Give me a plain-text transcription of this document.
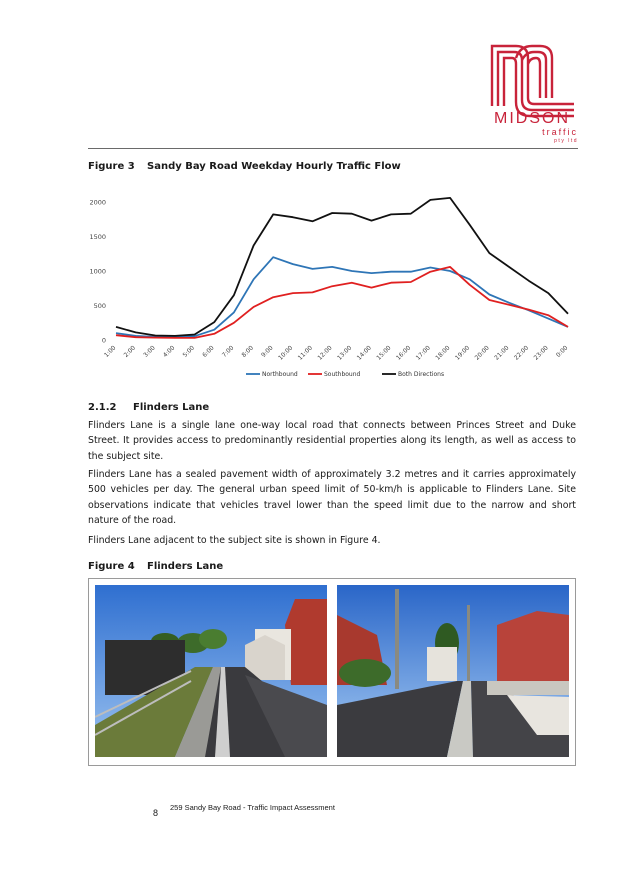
MIDSON
traffic
pty ltd
Figure 3 Sandy Bay Road Weekday Hourly Traffic Flow
0
500
1000
1500
2000
1:00 2:00 3:00 4:00 5:00 6:00 7:00 8:00 9:00 10:00 11:00 12:00 13:00 14:00 15:00 16:00 17:00 18:00 19:00 20:00 21:00 22:00 23:00 0:00
Northbound	Southbound	Both Directions
2.1.2 Flinders Lane

Flinders Lane is a single lane one-way local road that connects between Princes Street and Duke Street. It provides access to predominantly residential properties along its length, as well as access to the subject site.

Flinders Lane has a sealed pavement width of approximately 3.2 metres and it carries approximately 500 vehicles per day. The general urban speed limit of 50-km/h is applicable to Flinders Lane. Site observations indicate that vehicles travel lower than the speed limit due to the narrow and short nature of the road.

Flinders Lane adjacent to the subject site is shown in Figure 4.

Figure 4 Flinders Lane
259 Sandy Bay Road - Traffic Impact Assessment
8
